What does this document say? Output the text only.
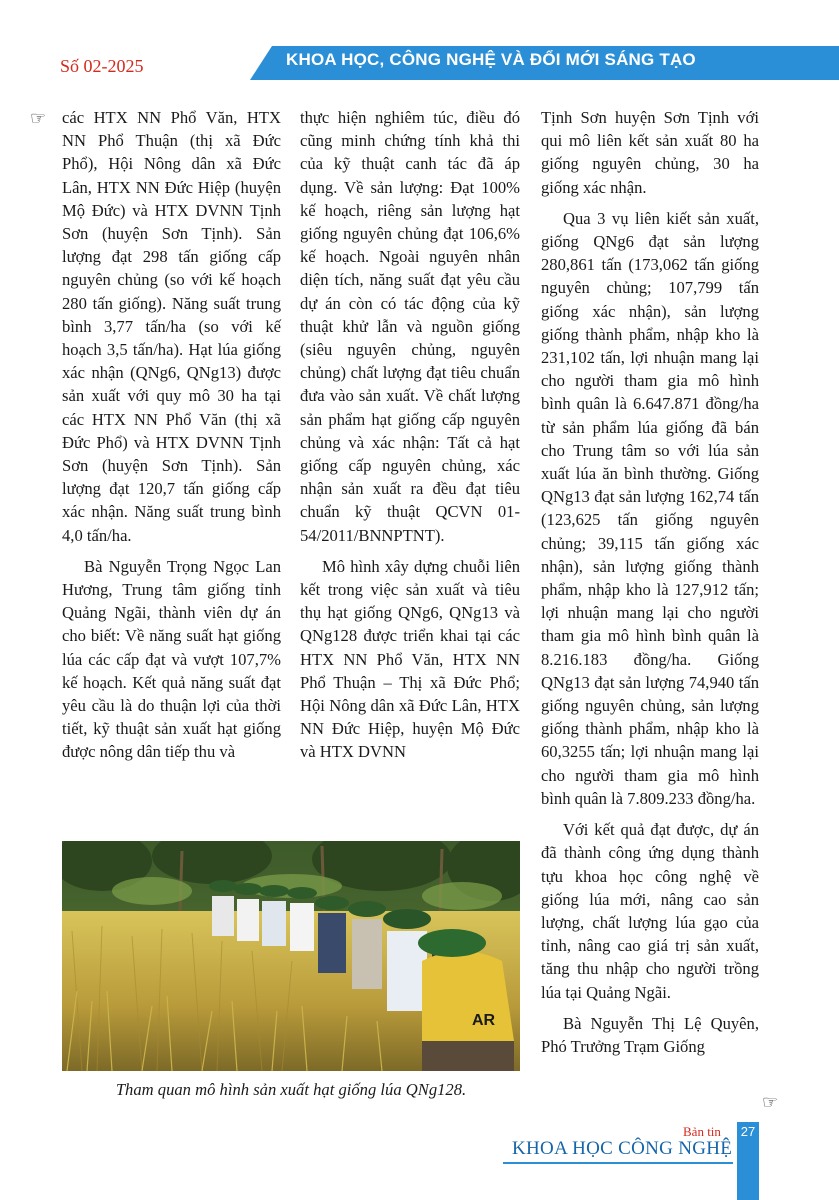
Số 02-2025	KHOA HỌC, CÔNG NGHỆ VÀ ĐỔI MỚI SÁNG TẠO
☞ các HTX NN Phổ Văn, HTX NN Phổ Thuận (thị xã Đức Phổ), Hội Nông dân xã Đức Lân, HTX NN Đức Hiệp (huyện Mộ Đức) và HTX DVNN Tịnh Sơn (huyện Sơn Tịnh). Sản lượng đạt 298 tấn giống cấp nguyên chủng (so với kế hoạch 280 tấn giống). Năng suất trung bình 3,77 tấn/ha (so với kế hoạch 3,5 tấn/ha). Hạt lúa giống xác nhận (QNg6, QNg13) được sản xuất với quy mô 30 ha tại các HTX NN Phổ Văn (thị xã Đức Phổ) và HTX DVNN Tịnh Sơn (huyện Sơn Tịnh). Sản lượng đạt 120,7 tấn giống cấp xác nhận. Năng suất trung bình 4,0 tấn/ha.

Bà Nguyễn Trọng Ngọc Lan Hương, Trung tâm giống tỉnh Quảng Ngãi, thành viên dự án cho biết: Về năng suất hạt giống lúa các cấp đạt và vượt 107,7% kế hoạch. Kết quả năng suất đạt yêu cầu là do thuận lợi của thời tiết, kỹ thuật sản xuất hạt giống được nông dân tiếp thu và

thực hiện nghiêm túc, điều đó cũng minh chứng tính khả thi của kỹ thuật canh tác đã áp dụng. Về sản lượng: Đạt 100% kế hoạch, riêng sản lượng hạt giống nguyên chủng đạt 106,6% kế hoạch. Ngoài nguyên nhân diện tích, năng suất đạt yêu cầu dự án còn có tác động của kỹ thuật khử lẫn và nguồn giống (siêu nguyên chủng, nguyên chủng) chất lượng đạt tiêu chuẩn đưa vào sản xuất. Về chất lượng sản phẩm hạt giống cấp nguyên chủng và xác nhận: Tất cả hạt giống cấp nguyên chủng, xác nhận sản xuất ra đều đạt tiêu chuẩn kỹ thuật QCVN 01-54/2011/BNNPTNT).

Mô hình xây dựng chuỗi liên kết trong việc sản xuất và tiêu thụ hạt giống QNg6, QNg13 và QNg128 được triển khai tại các HTX NN Phổ Văn, HTX NN Phổ Thuận – Thị xã Đức Phổ; Hội Nông dân xã Đức Lân, HTX NN Đức Hiệp, huyện Mộ Đức và HTX DVNN

Tịnh Sơn huyện Sơn Tịnh với qui mô liên kết sản xuất 80 ha giống nguyên chủng, 30 ha giống xác nhận.

Qua 3 vụ liên kiết sản xuất, giống QNg6 đạt sản lượng 280,861 tấn (173,062 tấn giống nguyên chủng; 107,799 tấn giống xác nhận), sản lượng giống thành phẩm, nhập kho là 231,102 tấn, lợi nhuận mang lại cho người tham gia mô hình bình quân là 6.647.871 đồng/ha từ sản phẩm lúa giống đã bán cho Trung tâm so với lúa sản xuất lúa ăn bình thường. Giống QNg13 đạt sản lượng 162,74 tấn (123,625 tấn giống nguyên chủng; 39,115 tấn giống xác nhận), sản lượng giống thành phẩm, nhập kho là 127,912 tấn; lợi nhuận mang lại cho người tham gia mô hình bình quân là 8.216.183 đồng/ha. Giống QNg13 đạt sản lượng 74,940 tấn giống nguyên chủng, sản lượng giống thành phẩm, nhập kho là 60,3255 tấn; lợi nhuận mang lại cho người tham gia mô hình bình quân là 7.809.233 đồng/ha.

Với kết quả đạt được, dự án đã thành công ứng dụng thành tựu khoa học công nghệ về giống lúa mới, nâng cao sản lượng, chất lượng lúa gạo của tỉnh, nâng cao giá trị sản xuất, tăng thu nhập cho người trồng lúa tại Quảng Ngãi.

Bà Nguyễn Thị Lệ Quyên, Phó Trưởng Trạm Giống

☞
AR
Tham quan mô hình sản xuất hạt giống lúa QNg128.
Bản tin
KHOA HỌC CÔNG NGHỆ
27
